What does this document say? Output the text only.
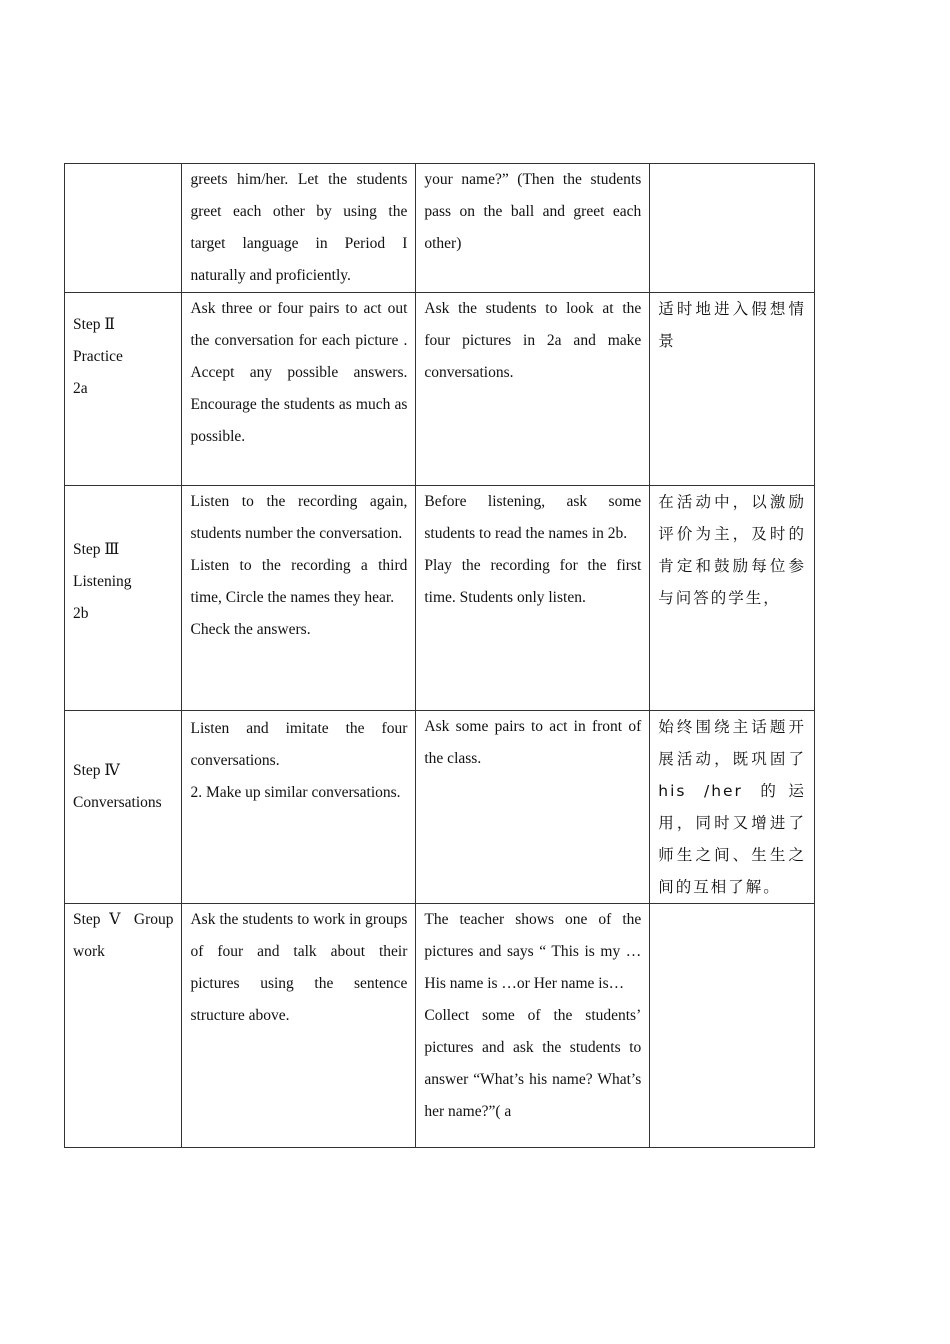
	greets him/her. Let the students greet each other by using the target language in Period I naturally and proficiently.	your name?” (Then the students pass on the ball and greet each other)	

Step Ⅱ
Practice
2a	Ask three or four pairs to act out the conversation for each picture . Accept any possible answers. Encourage the students as much as possible.	Ask the students to look at the four pictures in 2a and make conversations.	适时地进入假想情景

Step Ⅲ
Listening
2b	Listen to the recording again, students number the conversation.
Listen to the recording a third time, Circle the names they hear.
Check the answers.	Before listening, ask some students to read the names in 2b.
Play the recording for the first time. Students only listen.	在活动中，以激励评价为主，及时的肯定和鼓励每位参与问答的学生，

Step Ⅳ
Conversations	Listen and imitate the four conversations.
2. Make up similar conversations.	Ask some pairs to act in front of the class.	始终围绕主话题开展活动，既巩固了his /her 的运用，同时又增进了师生之间、生生之间的互相了解。

Step Ⅴ Group work	Ask the students to work in groups of four and talk about their pictures using the sentence structure above.	The teacher shows one of the pictures and says “ This is my … His name is …or Her name is…
Collect some of the students’ pictures and ask the students to answer “What’s his name? What’s her name?”( a	
